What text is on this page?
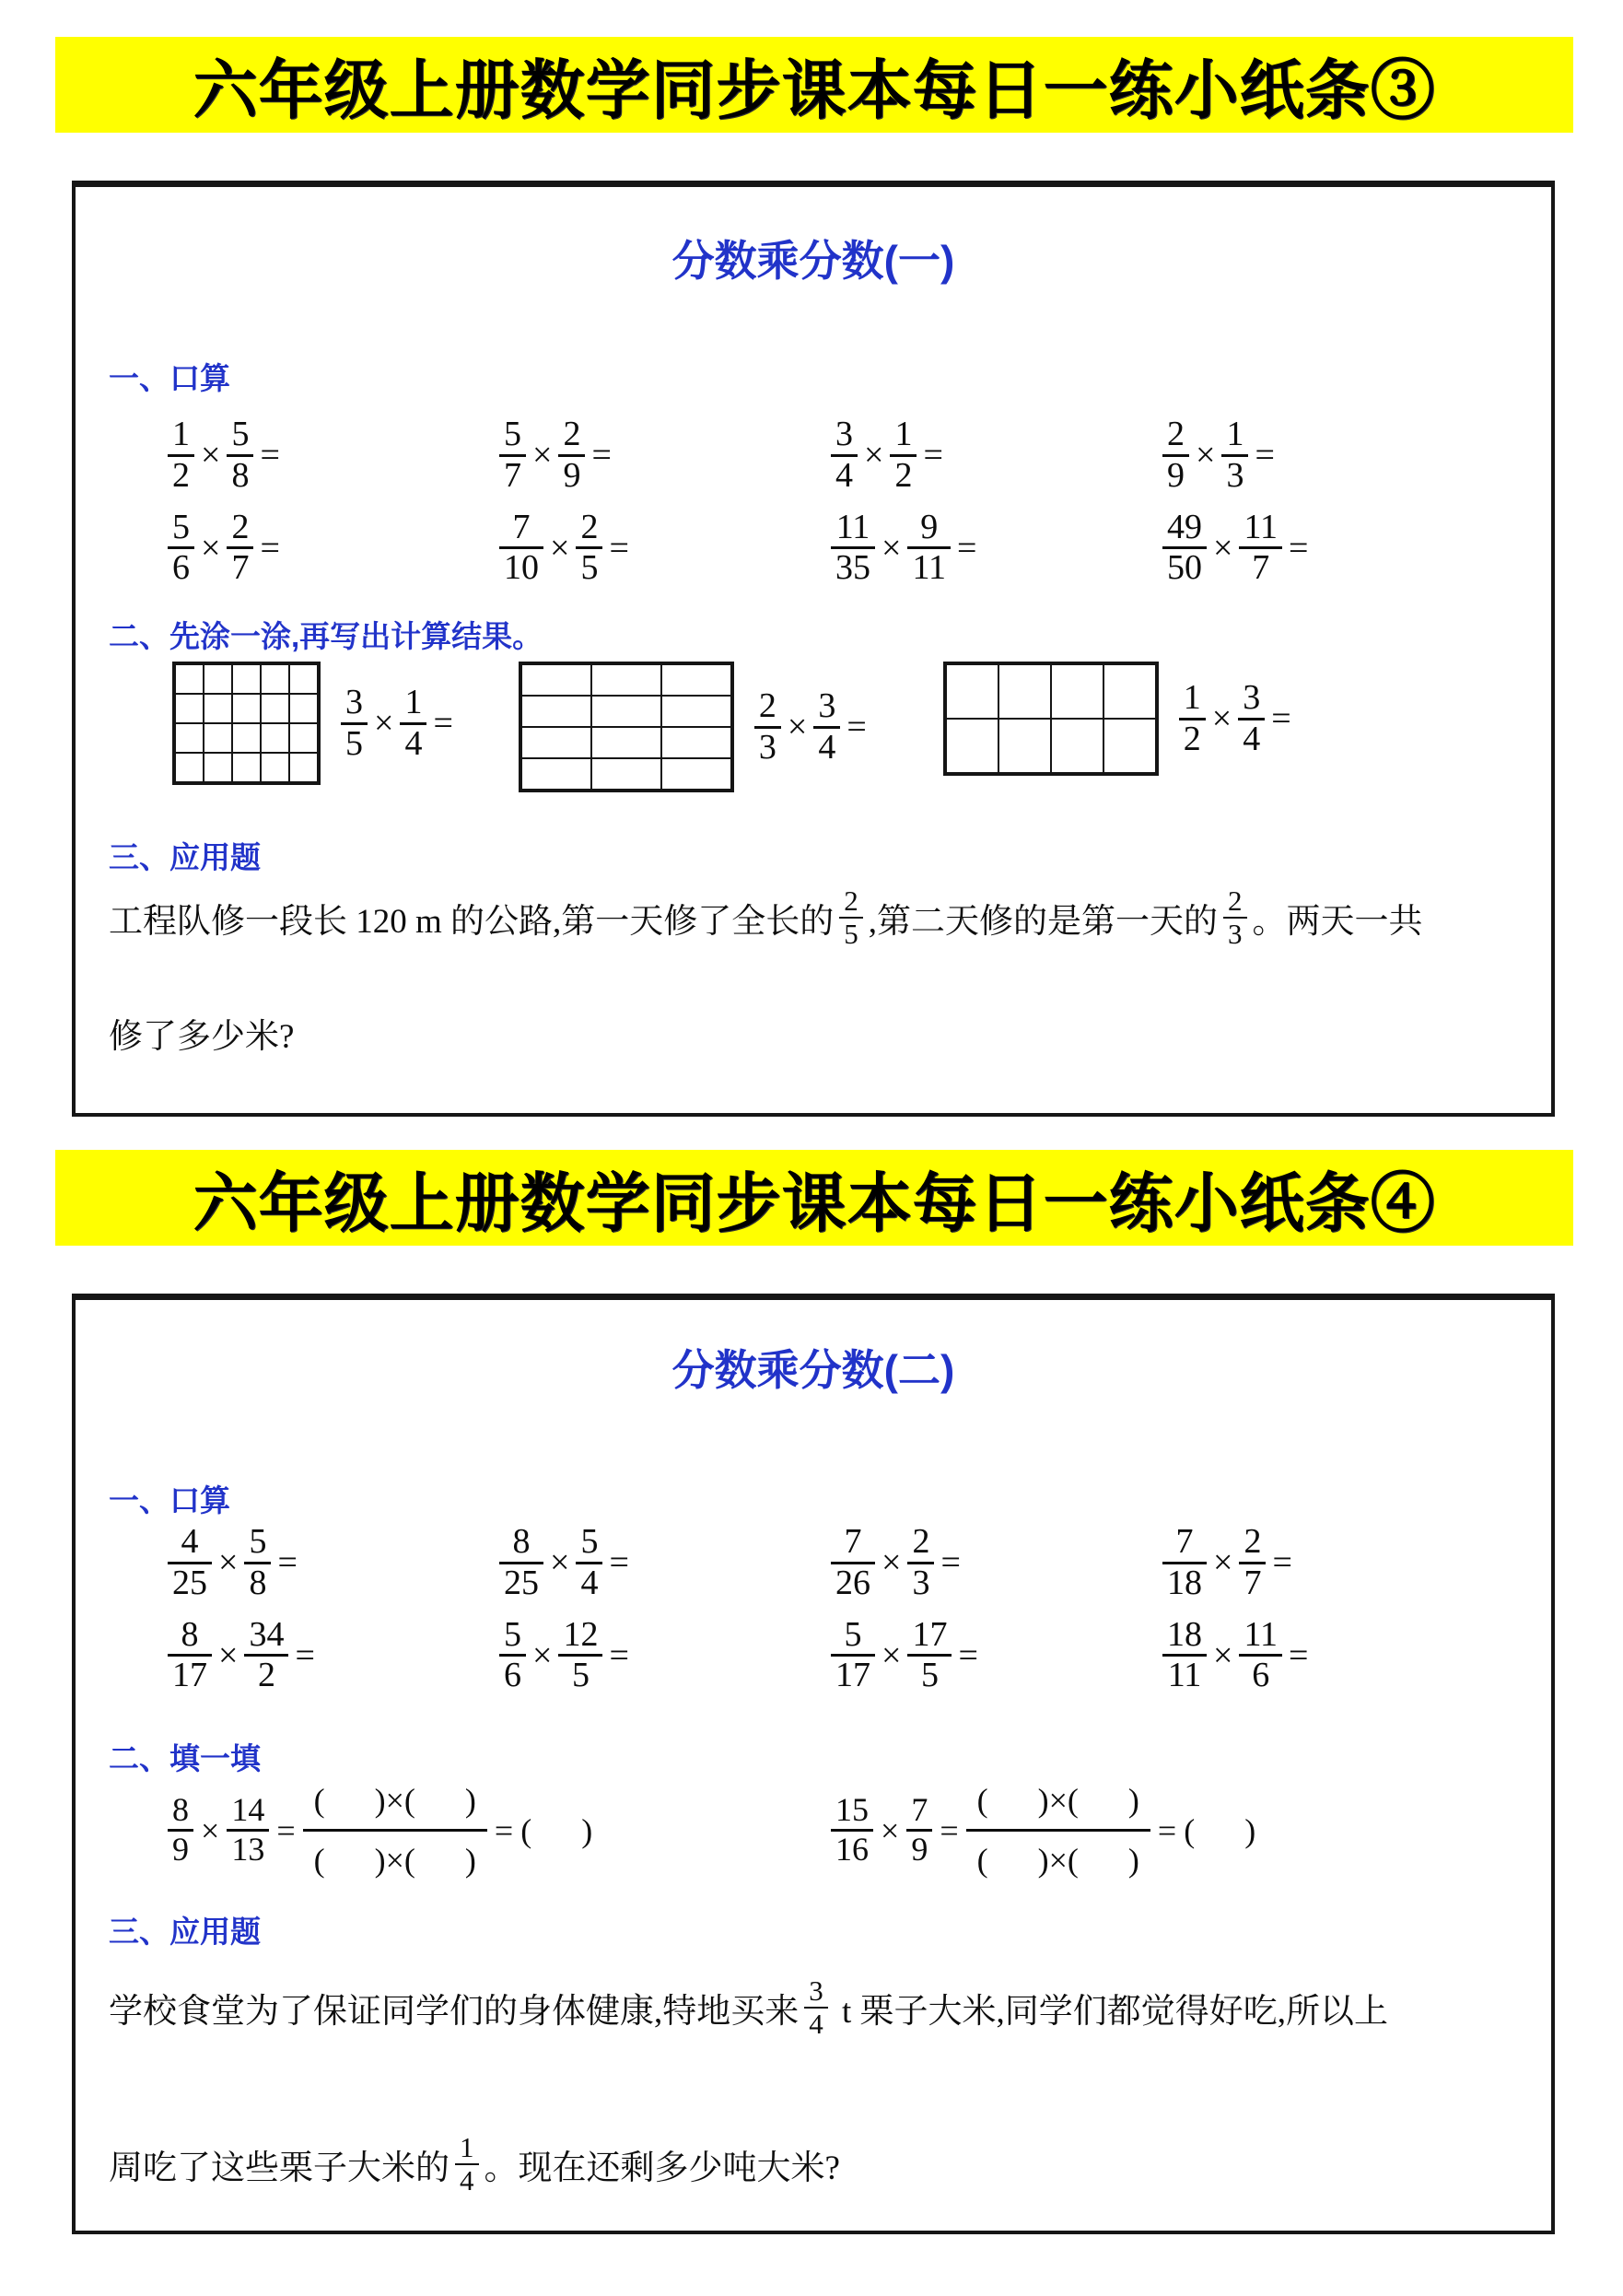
六年级上册数学同步课本每日一练小纸条③
分数乘分数(一)
一、口算
$\frac{1}{2} \times \frac{5}{8}$ =	$\frac{5}{7} \times \frac{2}{9}$ =	$\frac{3}{4} \times \frac{1}{2}$ =	$\frac{2}{9} \times \frac{1}{3}$ =
$\frac{5}{6} \times \frac{2}{7}$ =	$\frac{7}{10} \times \frac{2}{5}$ =	$\frac{11}{35} \times \frac{9}{11}$ =	$\frac{49}{50} \times \frac{11}{7}$ =
二、先涂一涂,再写出计算结果。
$\frac{3}{5} \times \frac{1}{4}$ =	$\frac{2}{3} \times \frac{3}{4}$ =	$\frac{1}{2} \times \frac{3}{4}$ =
三、应用题
工程队修一段长 120 m 的公路,第一天修了全长的 $\frac{2}{5}$ ,第二天修的是第一天的 $\frac{2}{3}$ 。两天一共
修了多少米?
六年级上册数学同步课本每日一练小纸条④
分数乘分数(二)
一、口算
$\frac{4}{25} \times \frac{5}{8}$ =	$\frac{8}{25} \times \frac{5}{4}$ =	$\frac{7}{26} \times \frac{2}{3}$ =	$\frac{7}{18} \times \frac{2}{7}$ =
$\frac{8}{17} \times \frac{34}{2}$ =	$\frac{5}{6} \times \frac{12}{5}$ =	$\frac{5}{17} \times \frac{17}{5}$ =	$\frac{18}{11} \times \frac{11}{6}$ =
二、填一填
$\frac{8}{9} \times \frac{14}{13}$ =
(      )×(      )
(      )×(      )
= (      )	$\frac{15}{16} \times \frac{7}{9}$ =
(      )×(      )
(      )×(      )
= (      )
三、应用题
学校食堂为了保证同学们的身体健康,特地买来 $\frac{3}{4}$ t 栗子大米,同学们都觉得好吃,所以上
周吃了这些栗子大米的 $\frac{1}{4}$ 。现在还剩多少吨大米?
